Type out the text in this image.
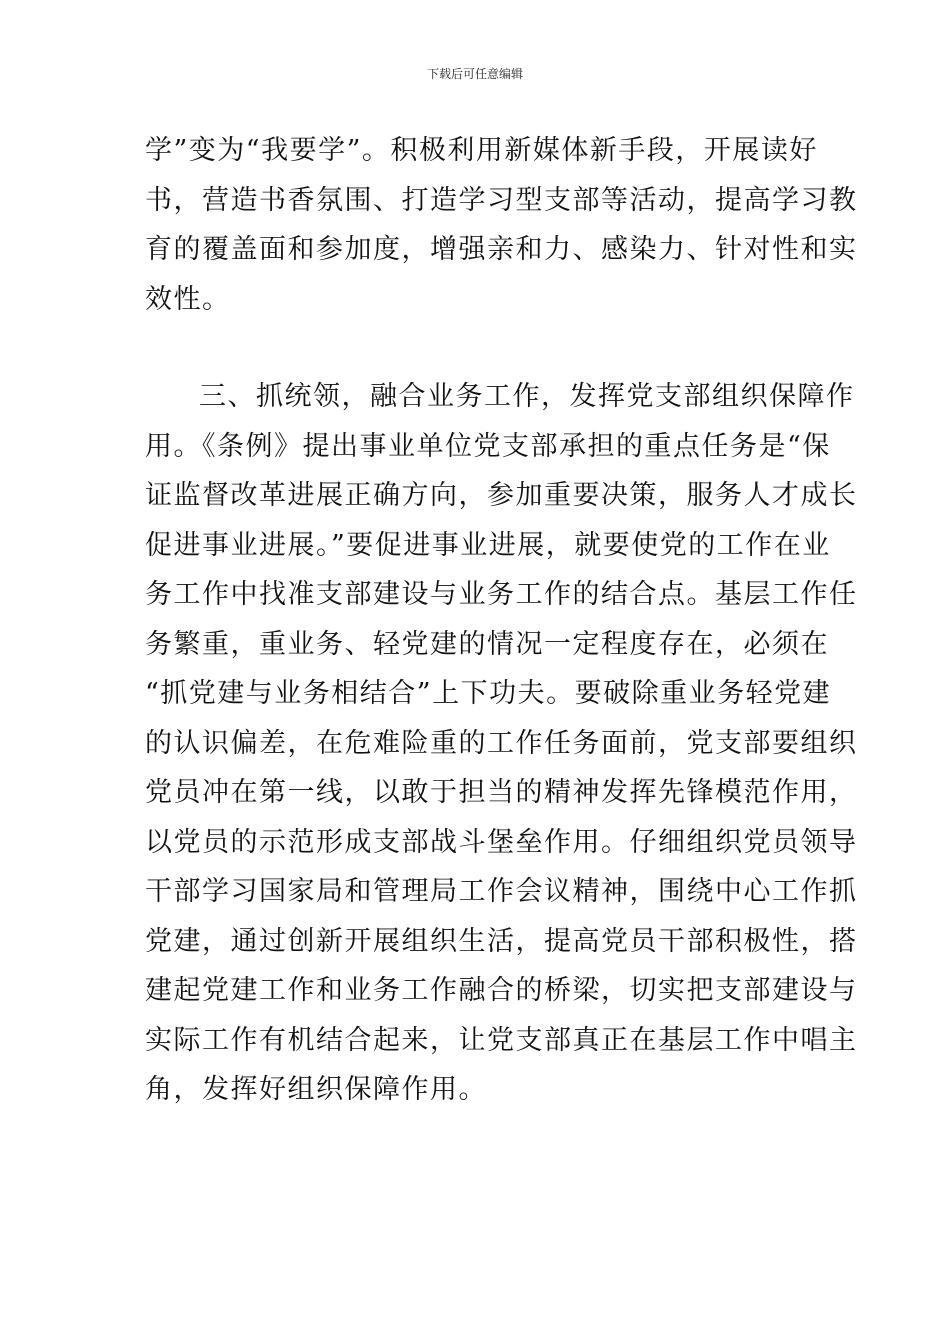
下载后可任意编辑
学”变为“我要学”。积极利用新媒体新手段，开展读好
书，营造书香氛围、打造学习型支部等活动，提高学习教
育的覆盖面和参加度，增强亲和力、感染力、针对性和实
效性。
三、抓统领，融合业务工作，发挥党支部组织保障作
用。《条例》提出事业单位党支部承担的重点任务是“保
证监督改革进展正确方向，参加重要决策，服务人才成长
促进事业进展。”要促进事业进展，就要使党的工作在业
务工作中找准支部建设与业务工作的结合点。基层工作任
务繁重，重业务、轻党建的情况一定程度存在，必须在
“抓党建与业务相结合”上下功夫。要破除重业务轻党建
的认识偏差，在危难险重的工作任务面前，党支部要组织
党员冲在第一线，以敢于担当的精神发挥先锋模范作用，
以党员的示范形成支部战斗堡垒作用。仔细组织党员领导
干部学习国家局和管理局工作会议精神，围绕中心工作抓
党建，通过创新开展组织生活，提高党员干部积极性，搭
建起党建工作和业务工作融合的桥梁，切实把支部建设与
实际工作有机结合起来，让党支部真正在基层工作中唱主
角，发挥好组织保障作用。
